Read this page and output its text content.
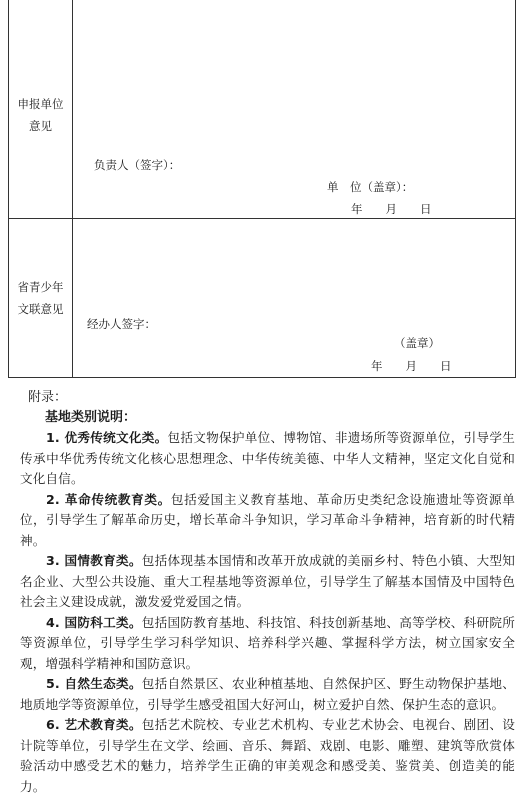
申报单位
意见
负责人（签字）：
单　位（盖章）：
年　　月　　日
省青少年
文联意见
经办人签字：
（盖章）
年　　月　　日
附录：
基地类别说明：

1. 优秀传统文化类。包括文物保护单位、博物馆、非遗场所等资源单位，引导学生传承中华优秀传统文化核心思想理念、中华传统美德、中华人文精神，坚定文化自觉和文化自信。

2. 革命传统教育类。包括爱国主义教育基地、革命历史类纪念设施遗址等资源单位，引导学生了解革命历史，增长革命斗争知识，学习革命斗争精神，培育新的时代精神。

3. 国情教育类。包括体现基本国情和改革开放成就的美丽乡村、特色小镇、大型知名企业、大型公共设施、重大工程基地等资源单位，引导学生了解基本国情及中国特色社会主义建设成就，激发爱党爱国之情。

4. 国防科工类。包括国防教育基地、科技馆、科技创新基地、高等学校、科研院所等资源单位，引导学生学习科学知识、培养科学兴趣、掌握科学方法，树立国家安全观，增强科学精神和国防意识。

5. 自然生态类。包括自然景区、农业种植基地、自然保护区、野生动物保护基地、地质地学等资源单位，引导学生感受祖国大好河山，树立爱护自然、保护生态的意识。

6. 艺术教育类。包括艺术院校、专业艺术机构、专业艺术协会、电视台、剧团、设计院等单位，引导学生在文学、绘画、音乐、舞蹈、戏剧、电影、雕塑、建筑等欣赏体验活动中感受艺术的魅力，培养学生正确的审美观念和感受美、鉴赏美、创造美的能力。
